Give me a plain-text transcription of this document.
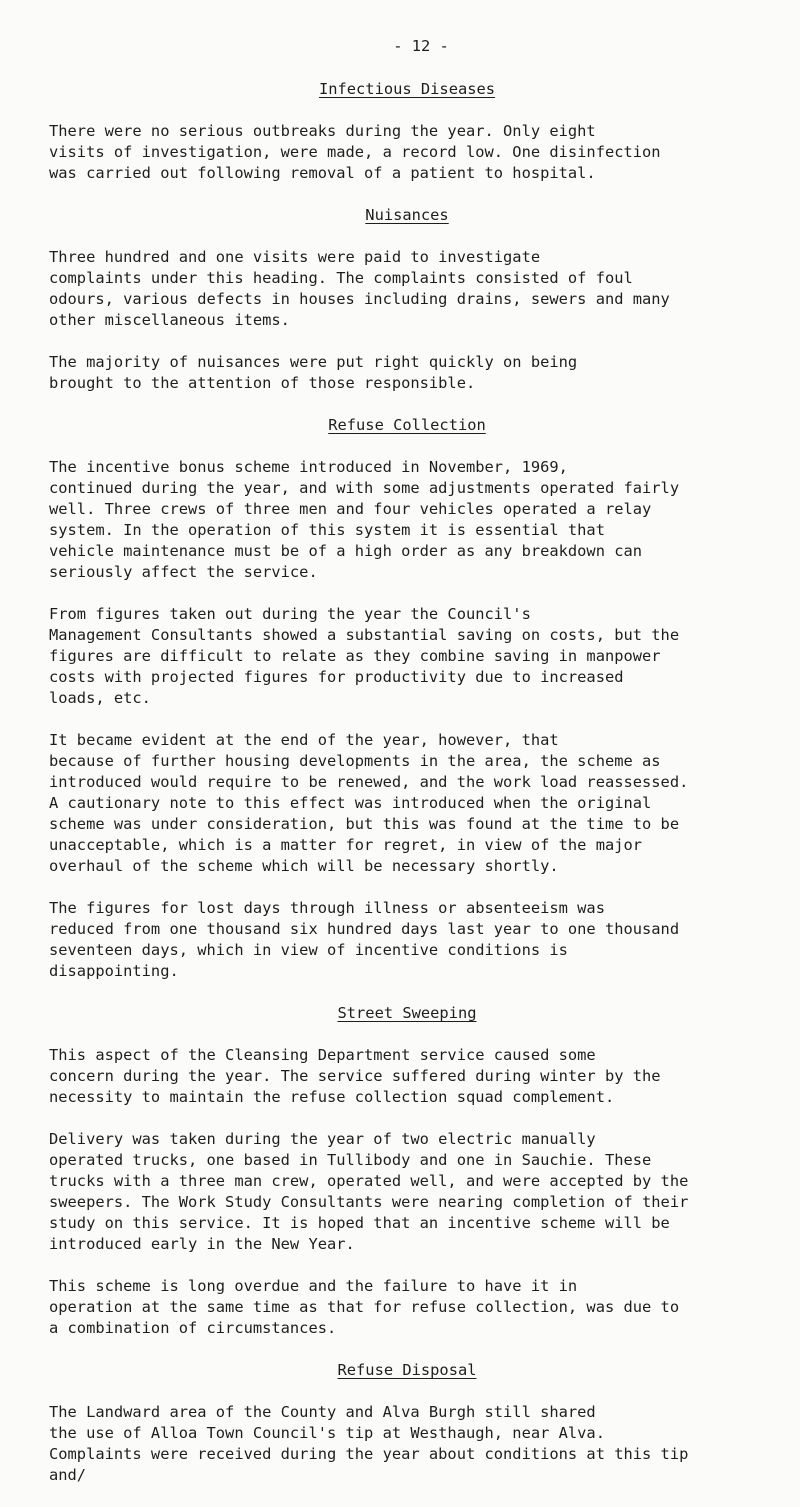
- 12 -
Infectious Diseases
There were no serious outbreaks during the year. Only eight
visits of investigation, were made, a record low. One disinfection
was carried out following removal of a patient to hospital.
Nuisances
Three hundred and one visits were paid to investigate
complaints under this heading. The complaints consisted of foul
odours, various defects in houses including drains, sewers and many
other miscellaneous items.
The majority of nuisances were put right quickly on being
brought to the attention of those responsible.
Refuse Collection
The incentive bonus scheme introduced in November, 1969,
continued during the year, and with some adjustments operated fairly
well. Three crews of three men and four vehicles operated a relay
system. In the operation of this system it is essential that
vehicle maintenance must be of a high order as any breakdown can
seriously affect the service.
From figures taken out during the year the Council's
Management Consultants showed a substantial saving on costs, but the
figures are difficult to relate as they combine saving in manpower
costs with projected figures for productivity due to increased
loads, etc.
It became evident at the end of the year, however, that
because of further housing developments in the area, the scheme as
introduced would require to be renewed, and the work load reassessed.
A cautionary note to this effect was introduced when the original
scheme was under consideration, but this was found at the time to be
unacceptable, which is a matter for regret, in view of the major
overhaul of the scheme which will be necessary shortly.
The figures for lost days through illness or absenteeism was
reduced from one thousand six hundred days last year to one thousand
seventeen days, which in view of incentive conditions is
disappointing.
Street Sweeping
This aspect of the Cleansing Department service caused some
concern during the year. The service suffered during winter by the
necessity to maintain the refuse collection squad complement.
Delivery was taken during the year of two electric manually
operated trucks, one based in Tullibody and one in Sauchie. These
trucks with a three man crew, operated well, and were accepted by the
sweepers. The Work Study Consultants were nearing completion of their
study on this service. It is hoped that an incentive scheme will be
introduced early in the New Year.
This scheme is long overdue and the failure to have it in
operation at the same time as that for refuse collection, was due to
a combination of circumstances.
Refuse Disposal
The Landward area of the County and Alva Burgh still shared
the use of Alloa Town Council's tip at Westhaugh, near Alva.
Complaints were received during the year about conditions at this tip
and/
